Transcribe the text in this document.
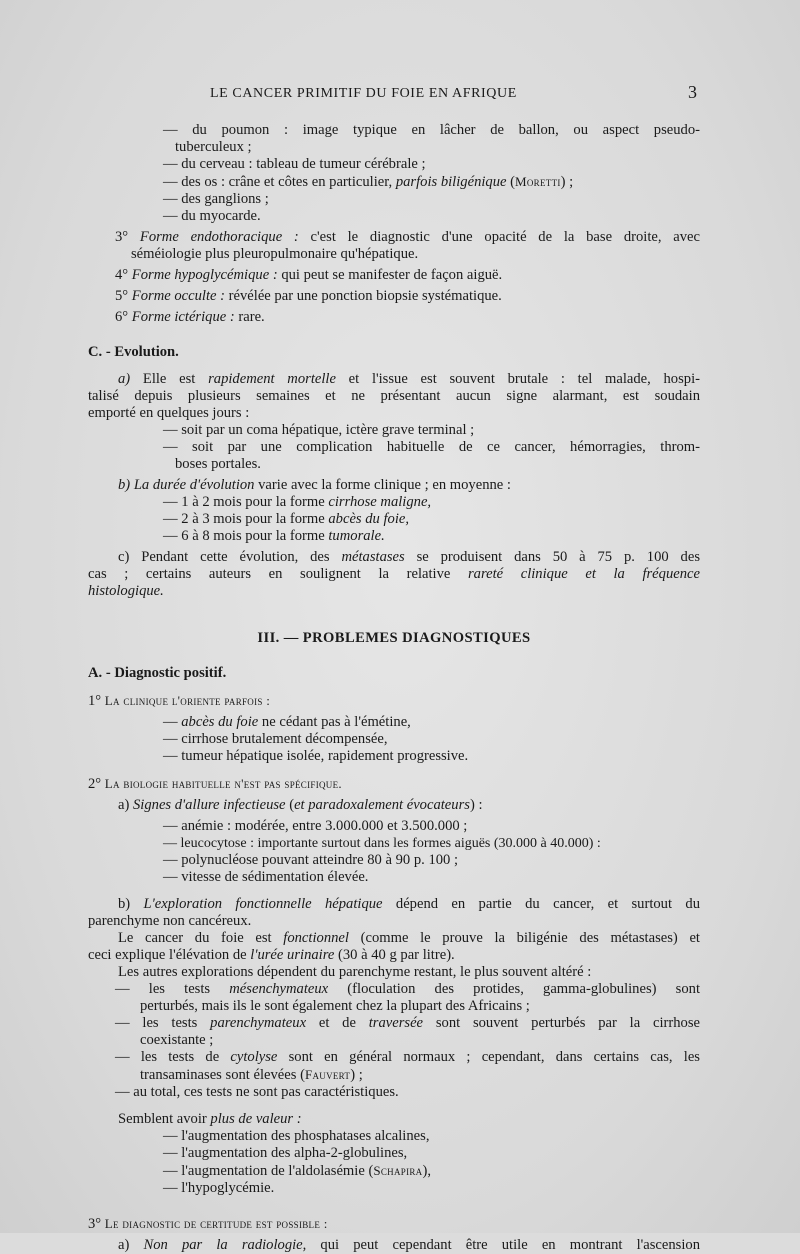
LE CANCER PRIMITIF DU FOIE EN AFRIQUE	3
— du poumon : image typique en lâcher de ballon, ou aspect pseudo-
tuberculeux ;
— du cerveau : tableau de tumeur cérébrale ;
— des os : crâne et côtes en particulier, parfois biligénique (Moretti) ;
— des ganglions ;
— du myocarde.
3° Forme endothoracique : c'est le diagnostic d'une opacité de la base droite, avec
séméiologie plus pleuropulmonaire qu'hépatique.
4° Forme hypoglycémique : qui peut se manifester de façon aiguë.
5° Forme occulte : révélée par une ponction biopsie systématique.
6° Forme ictérique : rare.
C. - Evolution.
a) Elle est rapidement mortelle et l'issue est souvent brutale : tel malade, hospi-
talisé depuis plusieurs semaines et ne présentant aucun signe alarmant, est soudain
emporté en quelques jours :
— soit par un coma hépatique, ictère grave terminal ;
— soit par une complication habituelle de ce cancer, hémorragies, throm-
boses portales.
b) La durée d'évolution varie avec la forme clinique ; en moyenne :
— 1 à 2 mois pour la forme cirrhose maligne,
— 2 à 3 mois pour la forme abcès du foie,
— 6 à 8 mois pour la forme tumorale.
c) Pendant cette évolution, des métastases se produisent dans 50 à 75 p. 100 des
cas ; certains auteurs en soulignent la relative rareté clinique et la fréquence
histologique.
III. — PROBLEMES DIAGNOSTIQUES
A. - Diagnostic positif.
1° La clinique l'oriente parfois :
— abcès du foie ne cédant pas à l'émétine,
— cirrhose brutalement décompensée,
— tumeur hépatique isolée, rapidement progressive.
2° La biologie habituelle n'est pas spécifique.
a) Signes d'allure infectieuse (et paradoxalement évocateurs) :
— anémie : modérée, entre 3.000.000 et 3.500.000 ;
— leucocytose : importante surtout dans les formes aiguës (30.000 à 40.000) :
— polynucléose pouvant atteindre 80 à 90 p. 100 ;
— vitesse de sédimentation élevée.
b) L'exploration fonctionnelle hépatique dépend en partie du cancer, et surtout du
parenchyme non cancéreux.
Le cancer du foie est fonctionnel (comme le prouve la biligénie des métastases) et
ceci explique l'élévation de l'urée urinaire (30 à 40 g par litre).
Les autres explorations dépendent du parenchyme restant, le plus souvent altéré :
— les tests mésenchymateux (floculation des protides, gamma-globulines) sont
perturbés, mais ils le sont également chez la plupart des Africains ;
— les tests parenchymateux et de traversée sont souvent perturbés par la cirrhose
coexistante ;
— les tests de cytolyse sont en général normaux ; cependant, dans certains cas, les
transaminases sont élevées (Fauvert) ;
— au total, ces tests ne sont pas caractéristiques.
Semblent avoir plus de valeur :
— l'augmentation des phosphatases alcalines,
— l'augmentation des alpha-2-globulines,
— l'augmentation de l'aldolasémie (Schapira),
— l'hypoglycémie.
3° Le diagnostic de certitude est possible :
a) Non par la radiologie, qui peut cependant être utile en montrant l'ascension
